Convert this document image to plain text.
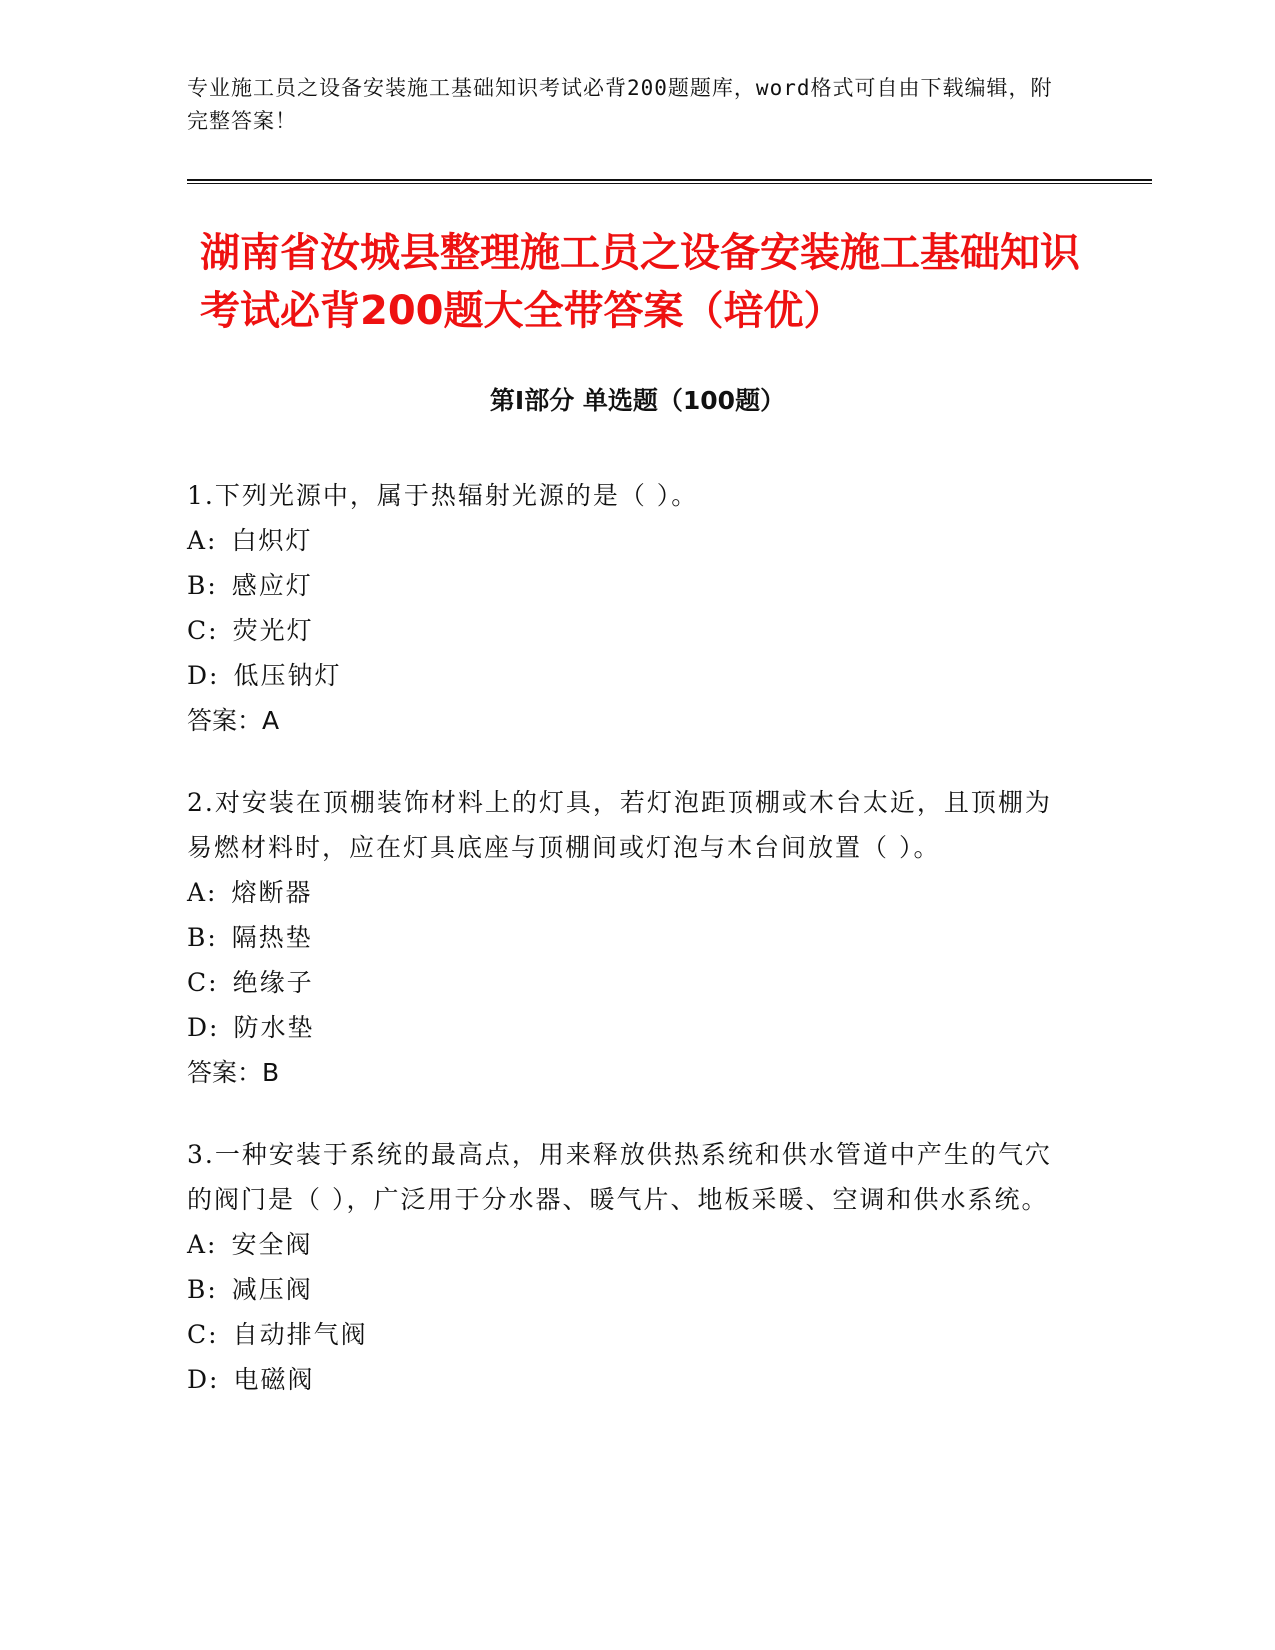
专业施工员之设备安装施工基础知识考试必背200题题库，word格式可自由下载编辑，附完整答案！
湖南省汝城县整理施工员之设备安装施工基础知识考试必背200题大全带答案（培优）
第Ⅰ部分 单选题（100题）

1.下列光源中，属于热辐射光源的是（ ）。

A: 白炽灯

B: 感应灯

C: 荧光灯

D: 低压钠灯

答案：A

2.对安装在顶棚装饰材料上的灯具，若灯泡距顶棚或木台太近，且顶棚为易燃材料时，应在灯具底座与顶棚间或灯泡与木台间放置（ ）。

A: 熔断器

B: 隔热垫

C: 绝缘子

D: 防水垫

答案：B

3.一种安装于系统的最高点，用来释放供热系统和供水管道中产生的气穴的阀门是（ ），广泛用于分水器、暖气片、地板采暖、空调和供水系统。

A: 安全阀

B: 减压阀

C: 自动排气阀

D: 电磁阀
